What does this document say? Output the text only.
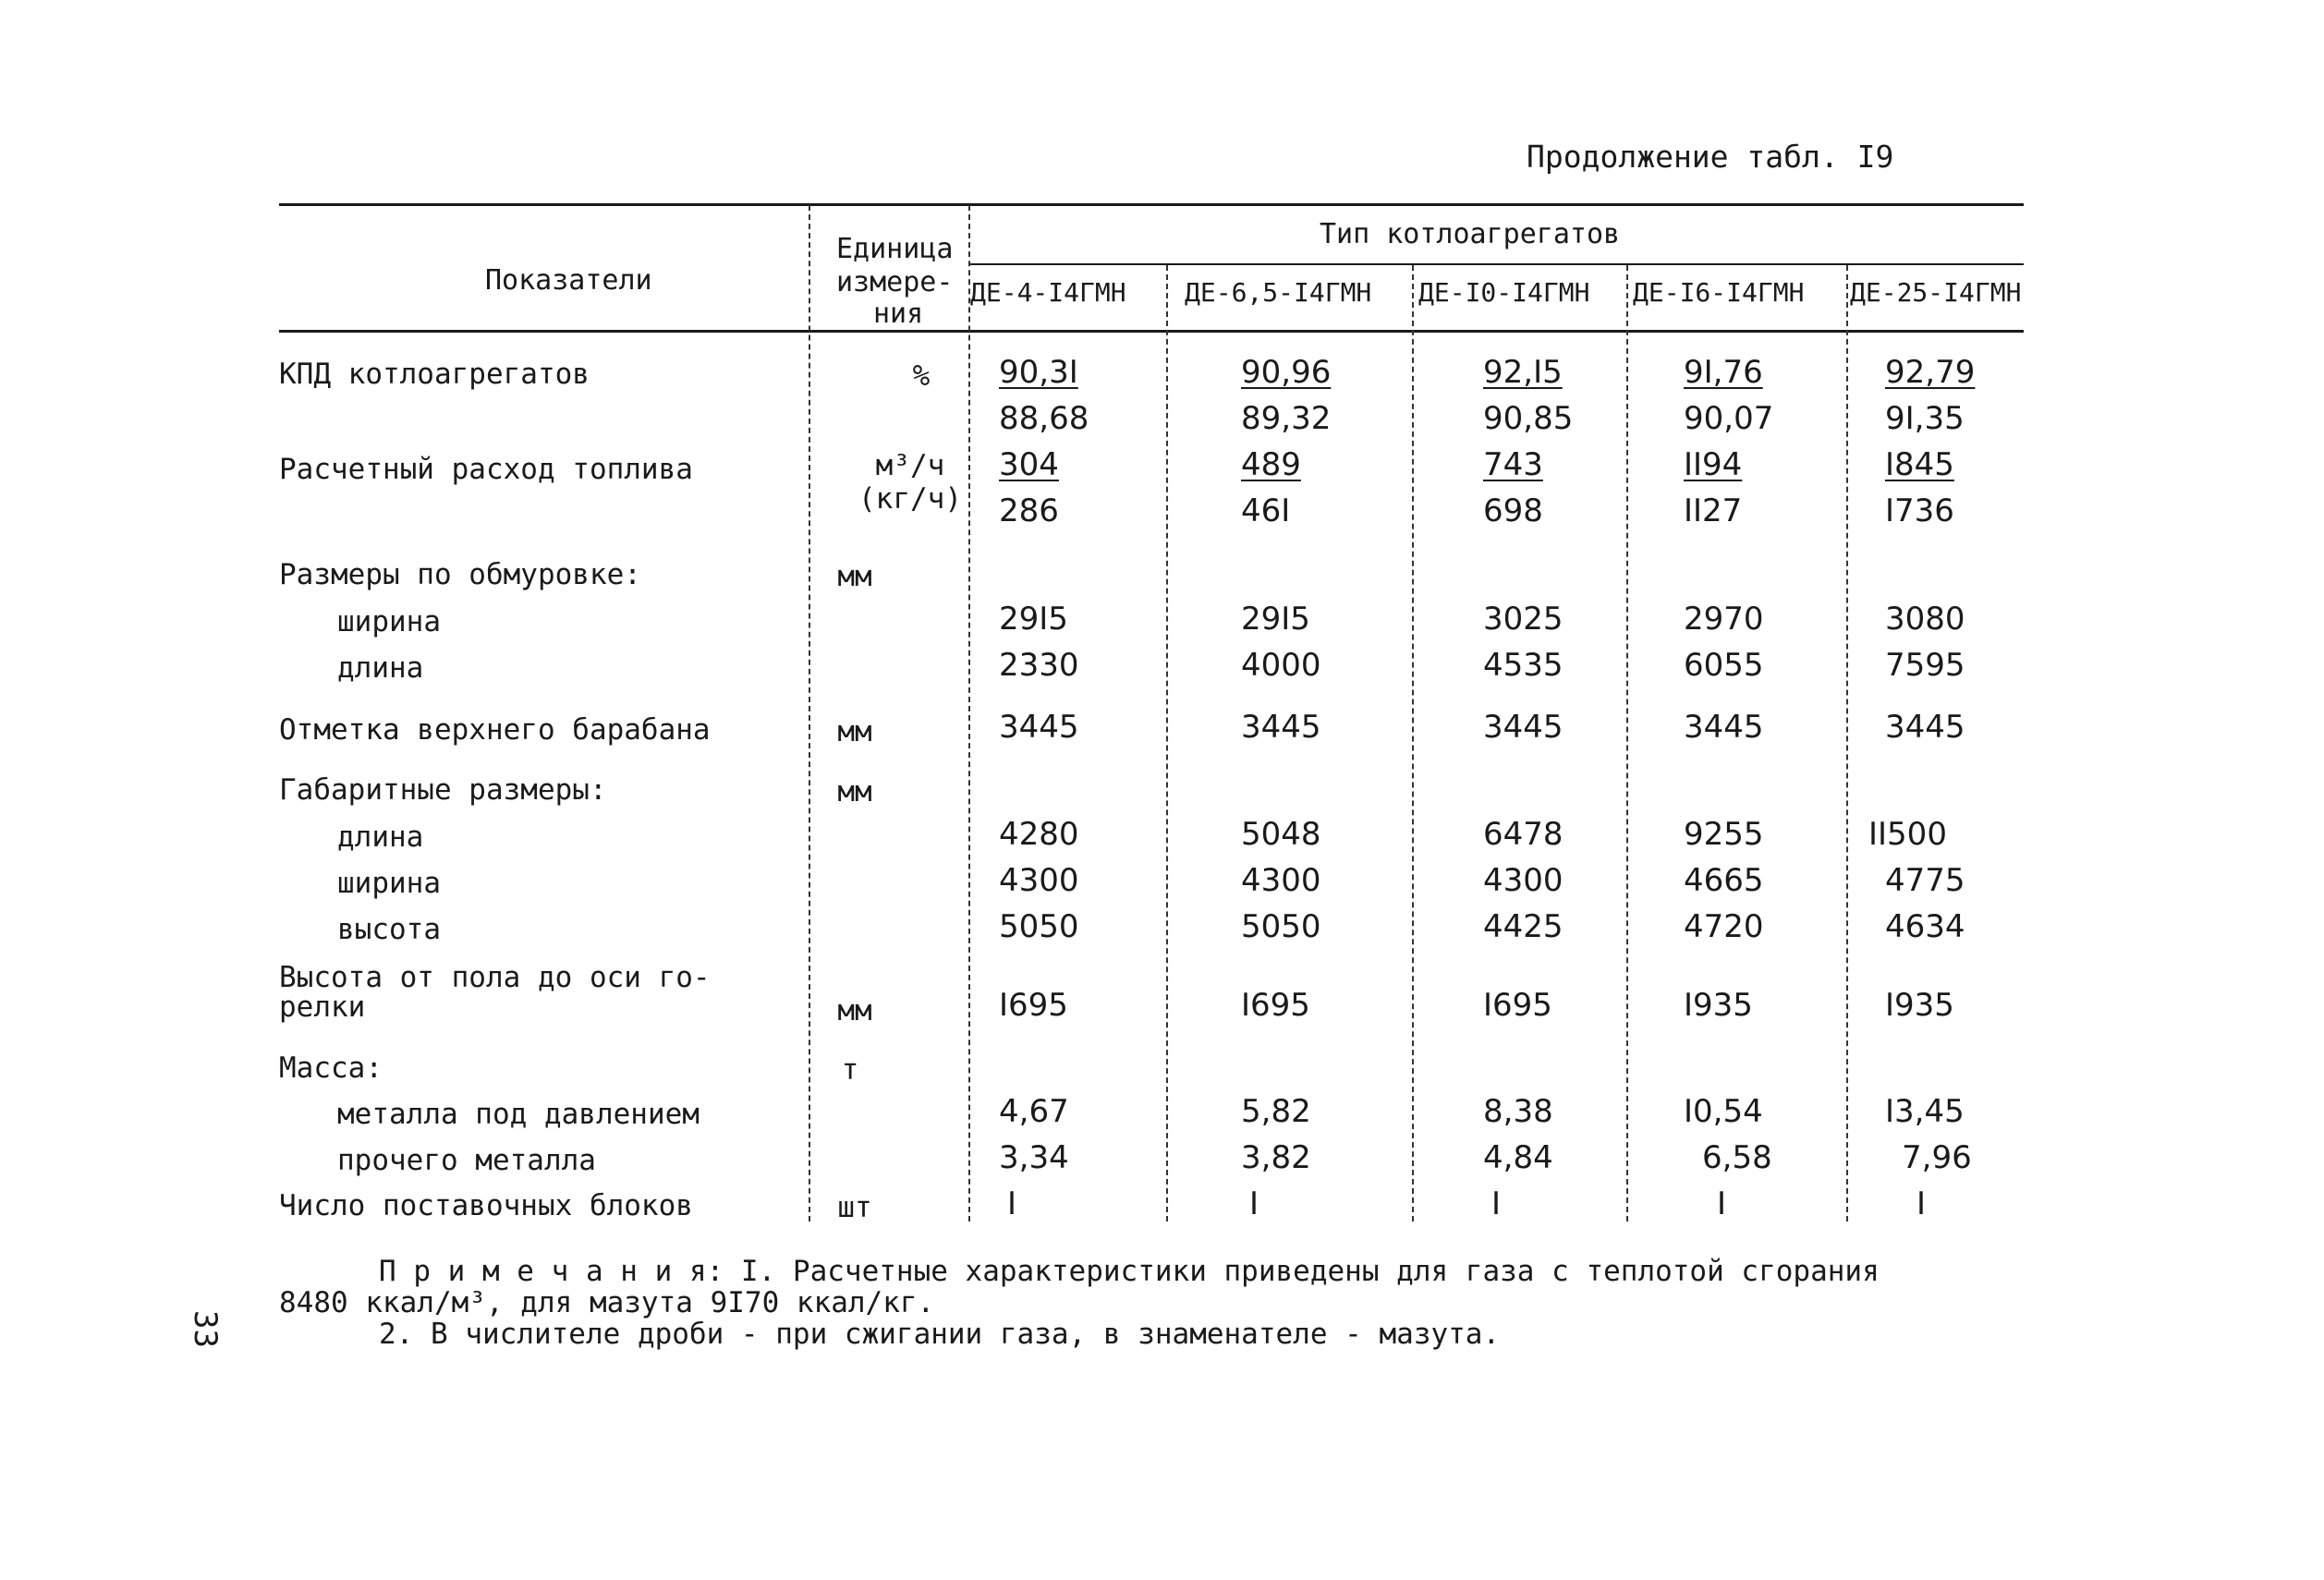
Продолжение табл. I9
33
Показатели
Единица
измере-
ния
Тип котлоагрегатов
ДЕ-4-I4ГМН ДЕ-6,5-I4ГМН ДЕ-I0-I4ГМН ДЕ-I6-I4ГМН ДЕ-25-I4ГМН
КПД котлоагрегатов	%	90,3I	90,96	92,I5	9I,76	92,79
88,68	89,32	90,85	90,07	9I,35
Расчетный расход топлива	м³/ч
(кг/ч)
304	489	743	II94	I845
286	46I	698	II27	I736
Размеры по обмуровке:	мм
ширина	29I5	29I5	3025	2970	3080
длина	2330	4000	4535	6055	7595
Отметка верхнего барабана	мм	3445	3445	3445	3445	3445
Габаритные размеры:	мм
длина	4280	5048	6478	9255	II500
ширина	4300	4300	4300	4665	4775
высота	5050	5050	4425	4720	4634
Высота от пола до оси го-
релки	мм	I695	I695	I695	I935	I935
Масса:	т
металла под давлением	4,67	5,82	8,38	I0,54	I3,45
прочего металла	3,34	3,82	4,84	6,58	7,96
Число поставочных блоков	шт	I	I	I	I	I
П р и м е ч а н и я: I. Расчетные характеристики приведены для газа с теплотой сгорания
8480 ккал/м³, для мазута 9I70 ккал/кг.
2. В числителе дроби - при сжигании газа, в знаменателе - мазута.
